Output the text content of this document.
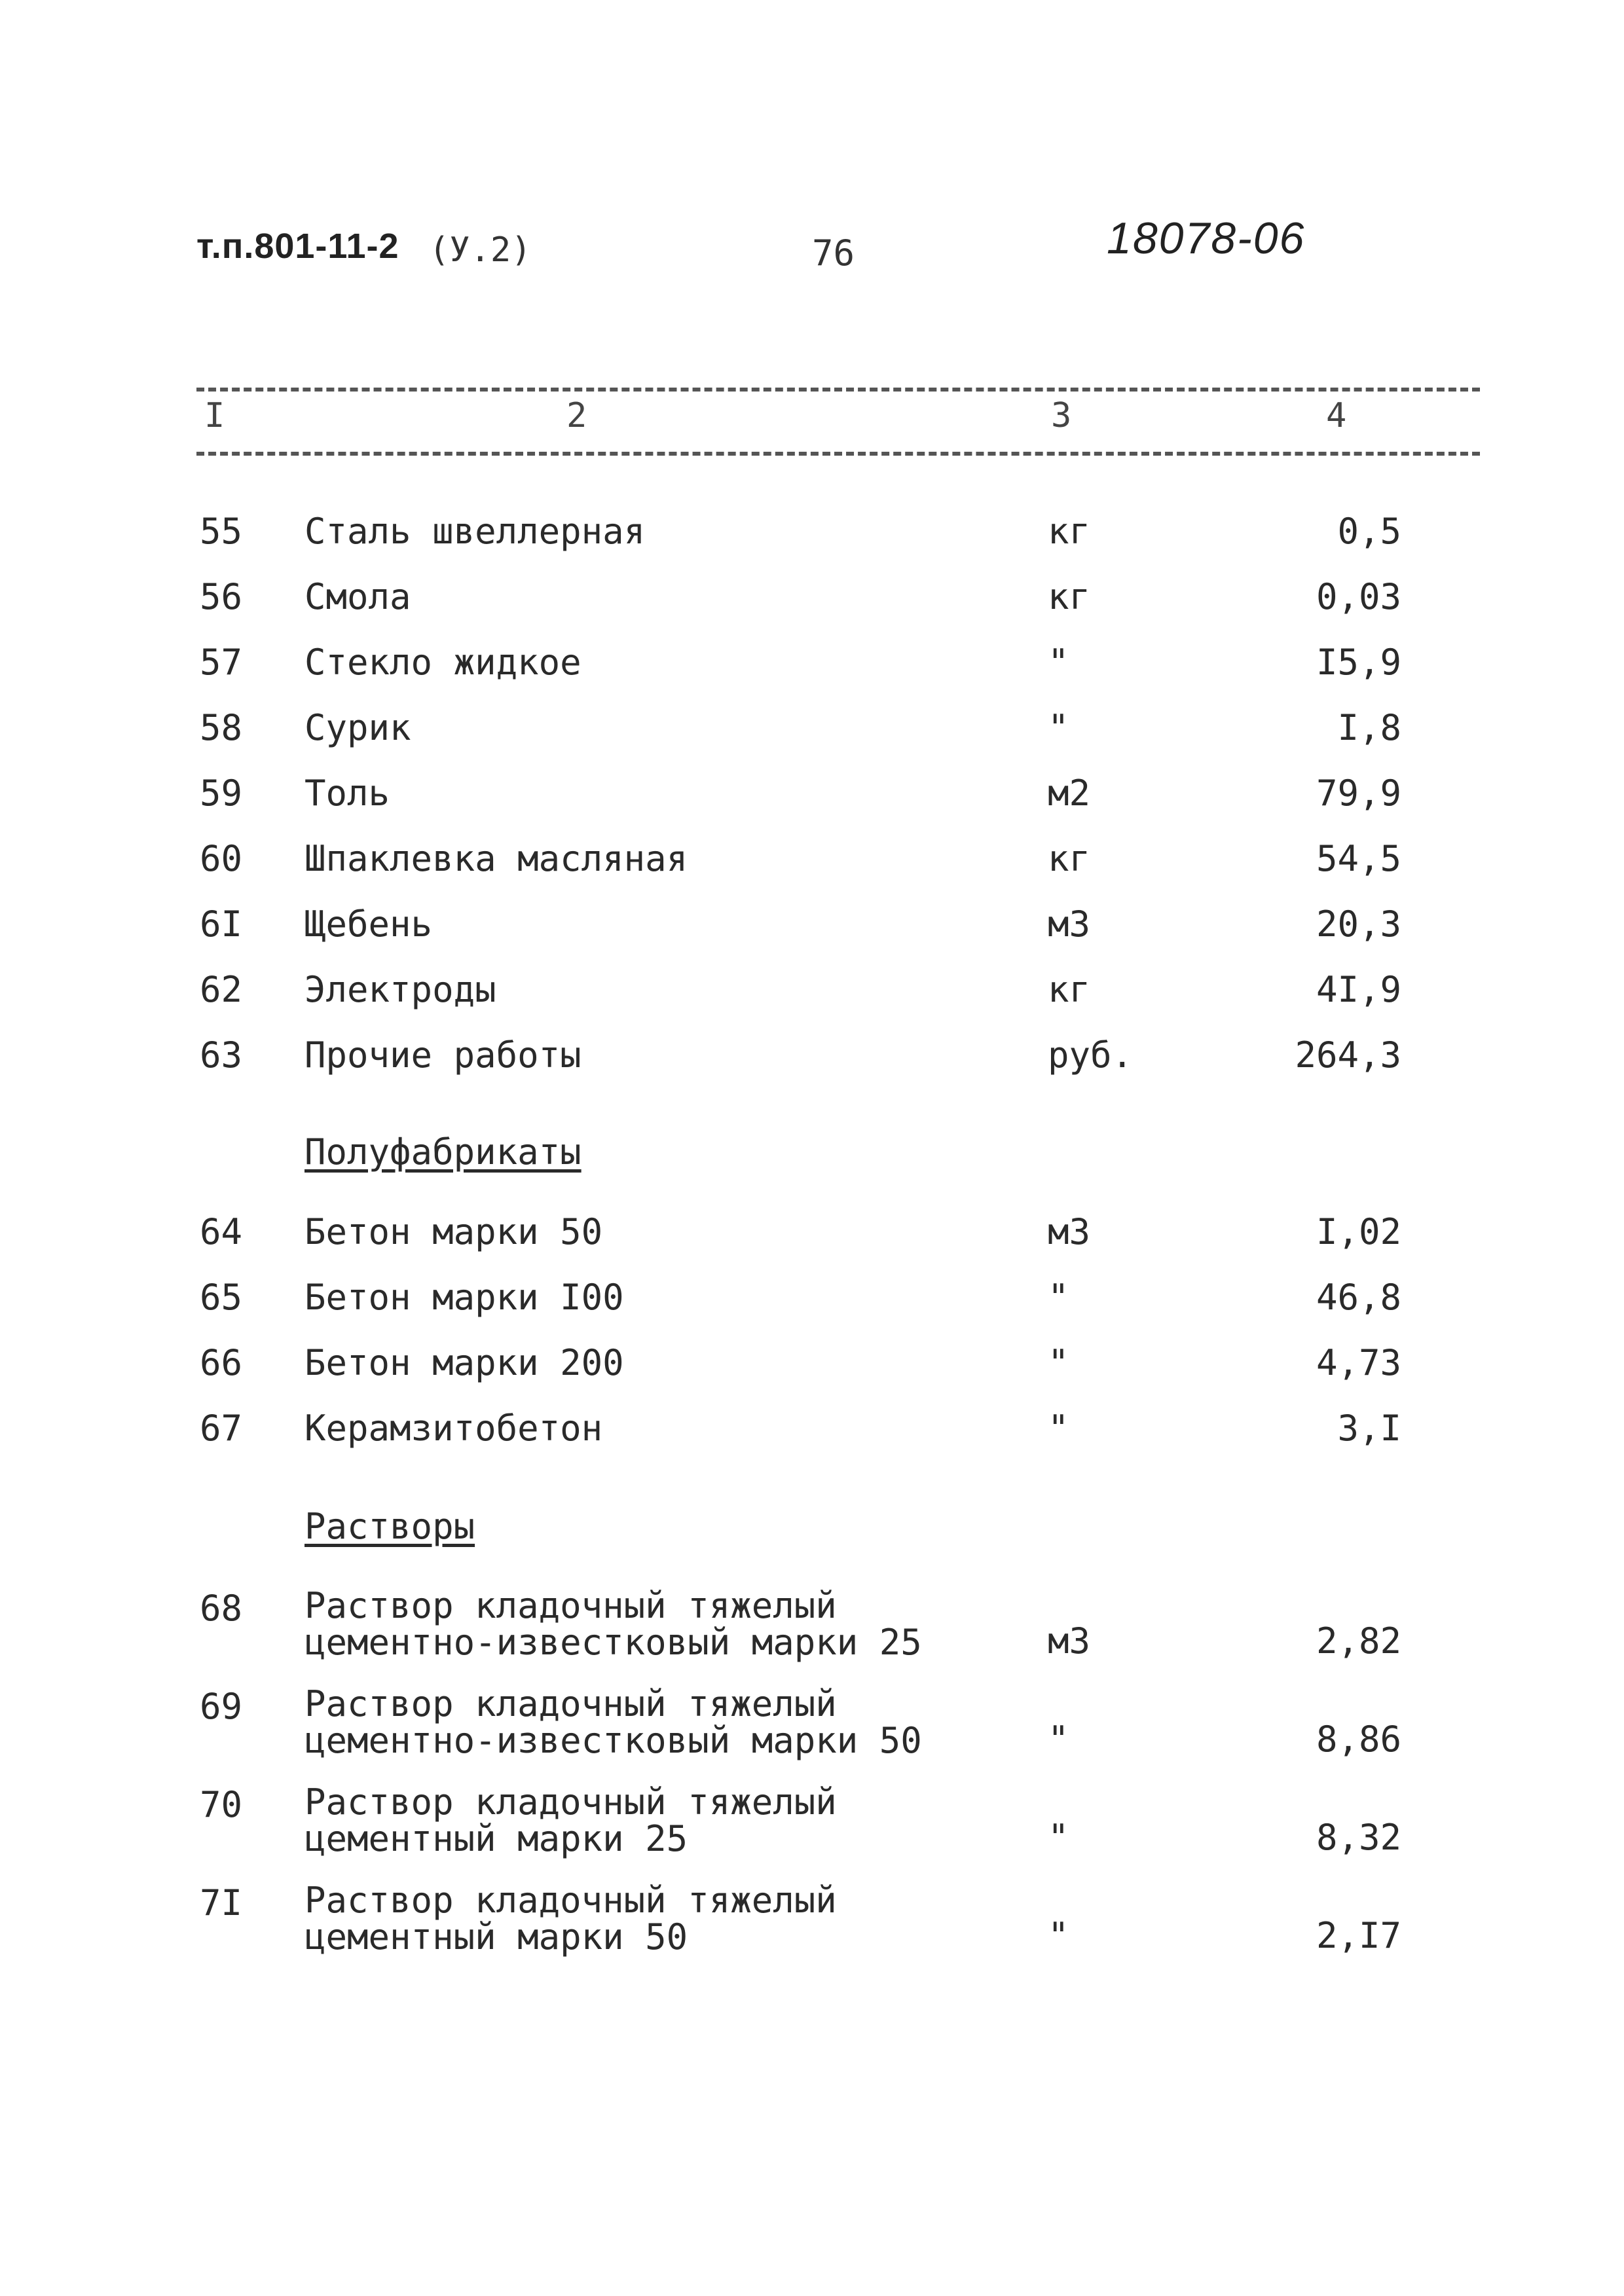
т.п.801-11-2 (У.2)	76	18078-06
I	2	3	4
55 Сталь швеллерная	кг	0,5
56 Смола	кг	0,03
57 Стекло жидкое	"	I5,9
58 Сурик	"	I,8
59 Толь	м2	79,9
60 Шпаклевка масляная	кг	54,5
6I Щебень	м3	20,3
62 Электроды	кг	4I,9
63 Прочие работы	руб.	264,3
Полуфабрикаты
64 Бетон марки 50	м3	I,02
65 Бетон марки I00	"	46,8
66 Бетон марки 200	"	4,73
67 Керамзитобетон	"	3,I
Растворы
68 Раствор кладочный тяжелый
цементно-известковый марки 25	м3	2,82
69 Раствор кладочный тяжелый
цементно-известковый марки 50	"	8,86
70 Раствор кладочный тяжелый
цементный марки 25	"	8,32
7I Раствор кладочный тяжелый
цементный марки 50	"	2,I7
